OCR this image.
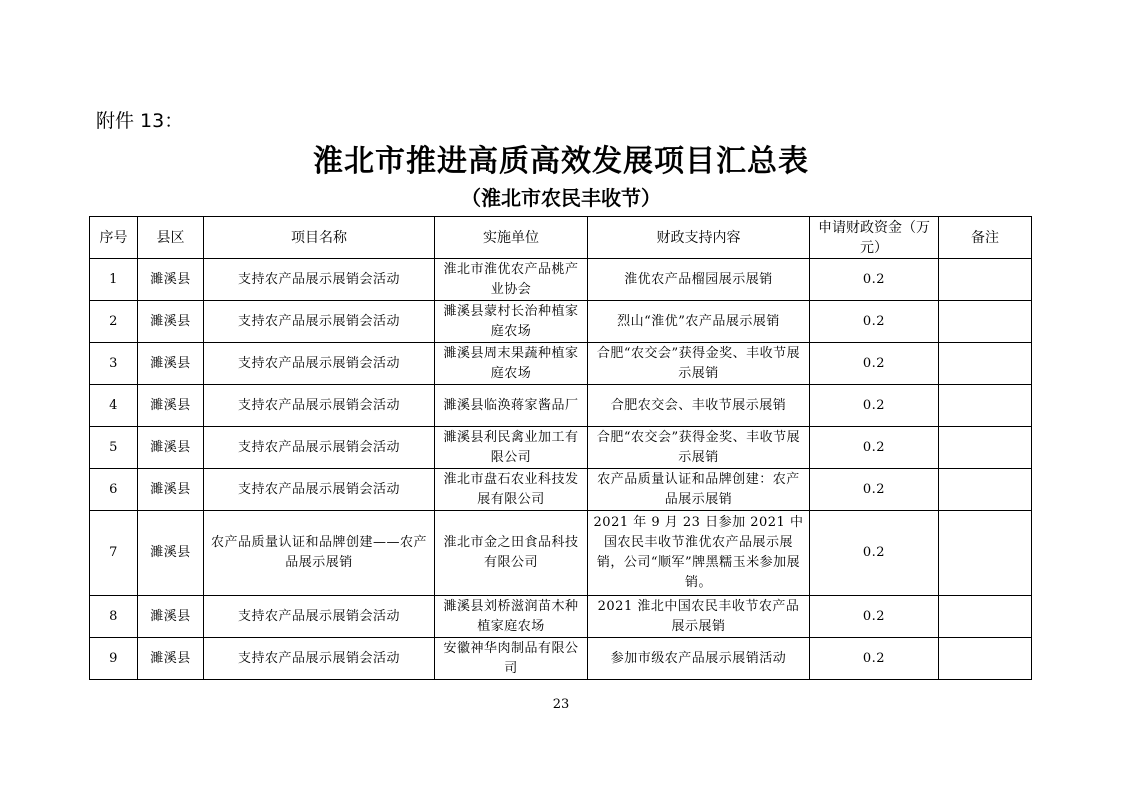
附件 13：
淮北市推进高质高效发展项目汇总表
（淮北市农民丰收节）
序号	县区	项目名称	实施单位	财政支持内容	申请财政资金（万元）	备注
1	濉溪县	支持农产品展示展销会活动	淮北市淮优农产品桃产业协会	淮优农产品榴园展示展销	0.2	
2	濉溪县	支持农产品展示展销会活动	濉溪县蒙村长治种植家庭农场	烈山“淮优”农产品展示展销	0.2	
3	濉溪县	支持农产品展示展销会活动	濉溪县周末果蔬种植家庭农场	合肥“农交会”获得金奖、丰收节展示展销	0.2	
4	濉溪县	支持农产品展示展销会活动	濉溪县临涣蒋家酱品厂	合肥农交会、丰收节展示展销	0.2	
5	濉溪县	支持农产品展示展销会活动	濉溪县利民禽业加工有限公司	合肥“农交会”获得金奖、丰收节展示展销	0.2	
6	濉溪县	支持农产品展示展销会活动	淮北市盘石农业科技发展有限公司	农产品质量认证和品牌创建：农产品展示展销	0.2	
7	濉溪县	农产品质量认证和品牌创建——农产品展示展销	淮北市金之田食品科技有限公司	2021 年 9 月 23 日参加 2021 中国农民丰收节淮优农产品展示展销，公司“顺军”牌黑糯玉米参加展销。	0.2	
8	濉溪县	支持农产品展示展销会活动	濉溪县刘桥滋润苗木种植家庭农场	2021 淮北中国农民丰收节农产品展示展销	0.2	
9	濉溪县	支持农产品展示展销会活动	安徽神华肉制品有限公司	参加市级农产品展示展销活动	0.2	
23
